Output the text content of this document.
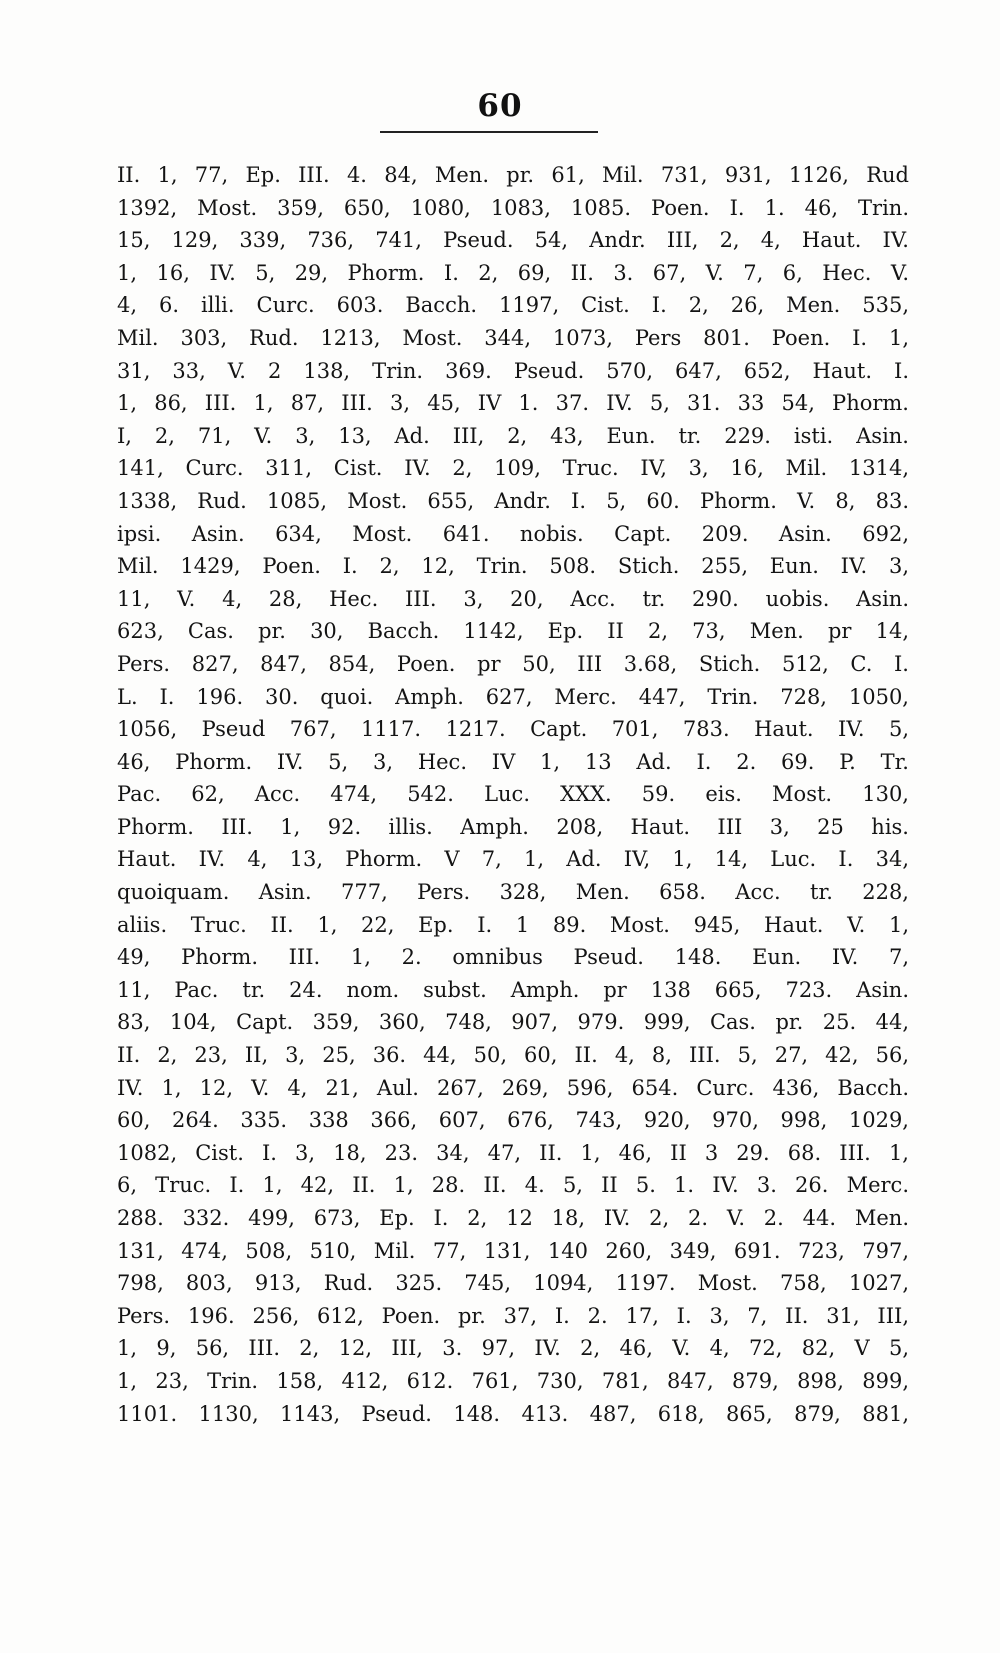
60
II. 1, 77, Ep. III. 4. 84, Men. pr. 61, Mil. 731, 931, 1126, Rud
1392, Most. 359, 650, 1080, 1083, 1085. Poen. I. 1. 46, Trin.
15, 129, 339, 736, 741, Pseud. 54, Andr. III, 2, 4, Haut. IV.
1, 16, IV. 5, 29, Phorm. I. 2, 69, II. 3. 67, V. 7, 6, Hec. V.
4, 6. illi. Curc. 603. Bacch. 1197, Cist. I. 2, 26, Men. 535,
Mil. 303, Rud. 1213, Most. 344, 1073, Pers 801. Poen. I. 1,
31, 33, V. 2 138, Trin. 369. Pseud. 570, 647, 652, Haut. I.
1, 86, III. 1, 87, III. 3, 45, IV 1. 37. IV. 5, 31. 33 54, Phorm.
I, 2, 71, V. 3, 13, Ad. III, 2, 43, Eun. tr. 229. isti. Asin.
141, Curc. 311, Cist. IV. 2, 109, Truc. IV, 3, 16, Mil. 1314,
1338, Rud. 1085, Most. 655, Andr. I. 5, 60. Phorm. V. 8, 83.
ipsi. Asin. 634, Most. 641. nobis. Capt. 209. Asin. 692,
Mil. 1429, Poen. I. 2, 12, Trin. 508. Stich. 255, Eun. IV. 3,
11, V. 4, 28, Hec. III. 3, 20, Acc. tr. 290. uobis. Asin.
623, Cas. pr. 30, Bacch. 1142, Ep. II 2, 73, Men. pr 14,
Pers. 827, 847, 854, Poen. pr 50, III 3.68, Stich. 512, C. I.
L. I. 196. 30. quoi. Amph. 627, Merc. 447, Trin. 728, 1050,
1056, Pseud 767, 1117. 1217. Capt. 701, 783. Haut. IV. 5,
46, Phorm. IV. 5, 3, Hec. IV 1, 13 Ad. I. 2. 69. P. Tr.
Pac. 62, Acc. 474, 542. Luc. XXX. 59. eis. Most. 130,
Phorm. III. 1, 92. illis. Amph. 208, Haut. III 3, 25 his.
Haut. IV. 4, 13, Phorm. V 7, 1, Ad. IV, 1, 14, Luc. I. 34,
quoiquam. Asin. 777, Pers. 328, Men. 658. Acc. tr. 228,
aliis. Truc. II. 1, 22, Ep. I. 1 89. Most. 945, Haut. V. 1,
49, Phorm. III. 1, 2. omnibus Pseud. 148. Eun. IV. 7,
11, Pac. tr. 24. nom. subst. Amph. pr 138 665, 723. Asin.
83, 104, Capt. 359, 360, 748, 907, 979. 999, Cas. pr. 25. 44,
II. 2, 23, II, 3, 25, 36. 44, 50, 60, II. 4, 8, III. 5, 27, 42, 56,
IV. 1, 12, V. 4, 21, Aul. 267, 269, 596, 654. Curc. 436, Bacch.
60, 264. 335. 338 366, 607, 676, 743, 920, 970, 998, 1029,
1082, Cist. I. 3, 18, 23. 34, 47, II. 1, 46, II 3 29. 68. III. 1,
6, Truc. I. 1, 42, II. 1, 28. II. 4. 5, II 5. 1. IV. 3. 26. Merc.
288. 332. 499, 673, Ep. I. 2, 12 18, IV. 2, 2. V. 2. 44. Men.
131, 474, 508, 510, Mil. 77, 131, 140 260, 349, 691. 723, 797,
798, 803, 913, Rud. 325. 745, 1094, 1197. Most. 758, 1027,
Pers. 196. 256, 612, Poen. pr. 37, I. 2. 17, I. 3, 7, II. 31, III,
1, 9, 56, III. 2, 12, III, 3. 97, IV. 2, 46, V. 4, 72, 82, V 5,
1, 23, Trin. 158, 412, 612. 761, 730, 781, 847, 879, 898, 899,
1101. 1130, 1143, Pseud. 148. 413. 487, 618, 865, 879, 881,
